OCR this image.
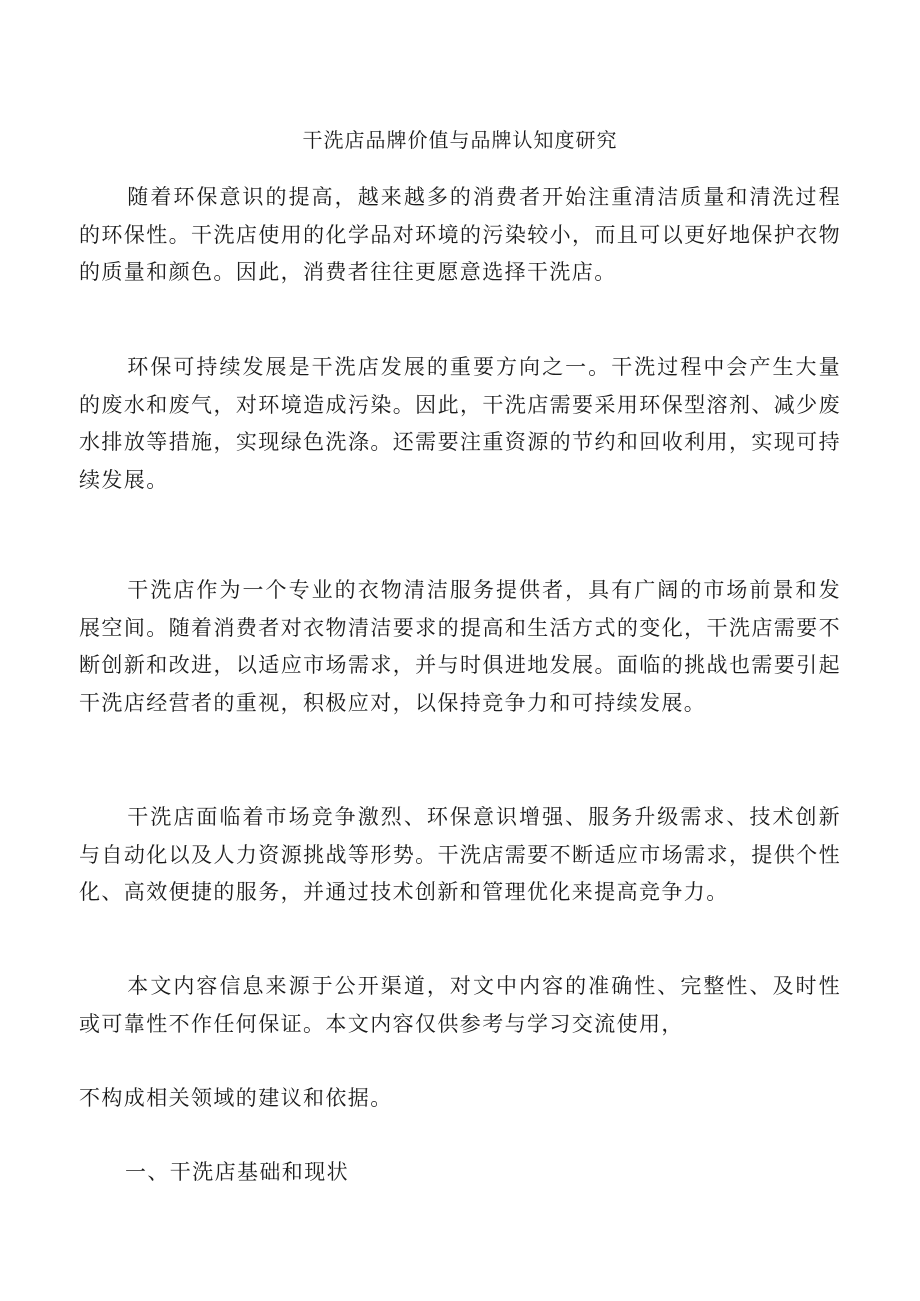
干洗店品牌价值与品牌认知度研究

随着环保意识的提高，越来越多的消费者开始注重清洁质量和清洗过程的环保性。干洗店使用的化学品对环境的污染较小，而且可以更好地保护衣物的质量和颜色。因此，消费者往往更愿意选择干洗店。

环保可持续发展是干洗店发展的重要方向之一。干洗过程中会产生大量的废水和废气，对环境造成污染。因此，干洗店需要采用环保型溶剂、减少废水排放等措施，实现绿色洗涤。还需要注重资源的节约和回收利用，实现可持续发展。

干洗店作为一个专业的衣物清洁服务提供者，具有广阔的市场前景和发展空间。随着消费者对衣物清洁要求的提高和生活方式的变化，干洗店需要不断创新和改进，以适应市场需求，并与时俱进地发展。面临的挑战也需要引起干洗店经营者的重视，积极应对，以保持竞争力和可持续发展。

干洗店面临着市场竞争激烈、环保意识增强、服务升级需求、技术创新与自动化以及人力资源挑战等形势。干洗店需要不断适应市场需求，提供个性化、高效便捷的服务，并通过技术创新和管理优化来提高竞争力。

本文内容信息来源于公开渠道，对文中内容的准确性、完整性、及时性或可靠性不作任何保证。本文内容仅供参考与学习交流使用，

不构成相关领域的建议和依据。

一、干洗店基础和现状
